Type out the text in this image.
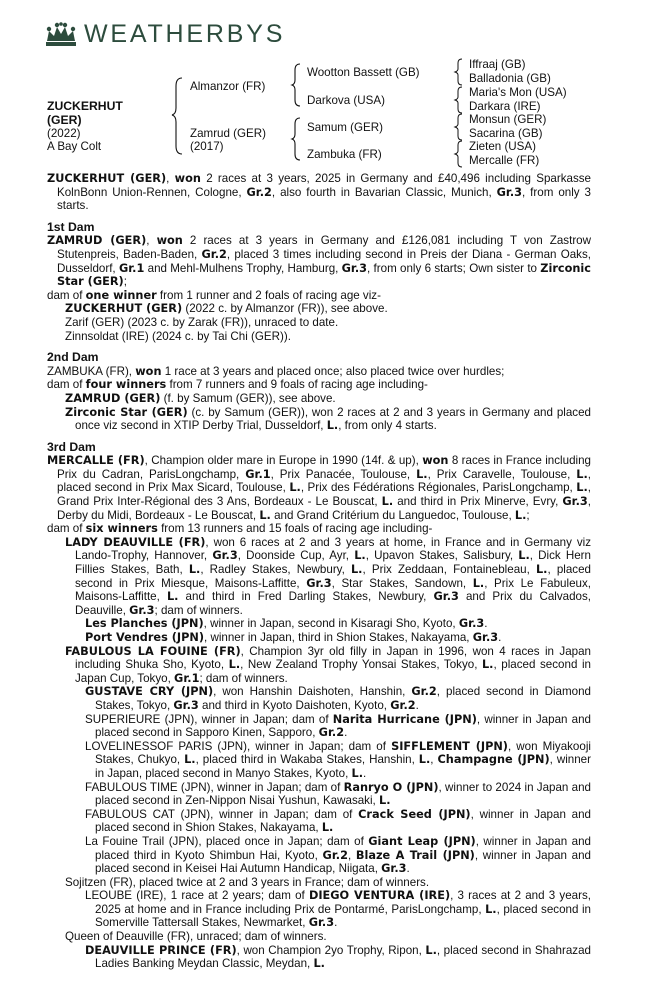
WEATHERBYS
ZUCKERHUT
(GER)
(2022)
A Bay Colt
Almanzor (FR)
Zamrud (GER)
(2017)
Wootton Bassett (GB)
Darkova (USA)
Samum (GER)
Zambuka (FR)
Iffraaj (GB)
Balladonia (GB)
Maria's Mon (USA)
Darkara (IRE)
Monsun (GER)
Sacarina (GB)
Zieten (USA)
Mercalle (FR)

ZUCKERHUT (GER), won 2 races at 3 years, 2025 in Germany and £40,496 including Sparkasse KolnBonn Union-Rennen, Cologne, Gr.2, also fourth in Bavarian Classic, Munich, Gr.3, from only 3 starts.

1st Dam

ZAMRUD (GER), won 2 races at 3 years in Germany and £126,081 including T von Zastrow Stutenpreis, Baden-Baden, Gr.2, placed 3 times including second in Preis der Diana - German Oaks, Dusseldorf, Gr.1 and Mehl-Mulhens Trophy, Hamburg, Gr.3, from only 6 starts; Own sister to Zirconic Star (GER);

dam of one winner from 1 runner and 2 foals of racing age viz-

ZUCKERHUT (GER) (2022 c. by Almanzor (FR)), see above.

Zarif (GER) (2023 c. by Zarak (FR)), unraced to date.

Zinnsoldat (IRE) (2024 c. by Tai Chi (GER)).

2nd Dam

ZAMBUKA (FR), won 1 race at 3 years and placed once; also placed twice over hurdles;

dam of four winners from 7 runners and 9 foals of racing age including-

ZAMRUD (GER) (f. by Samum (GER)), see above.

Zirconic Star (GER) (c. by Samum (GER)), won 2 races at 2 and 3 years in Germany and placed once viz second in XTIP Derby Trial, Dusseldorf, L., from only 4 starts.

3rd Dam

MERCALLE (FR), Champion older mare in Europe in 1990 (14f. & up), won 8 races in France including Prix du Cadran, ParisLongchamp, Gr.1, Prix Panacée, Toulouse, L., Prix Caravelle, Toulouse, L., placed second in Prix Max Sicard, Toulouse, L., Prix des Fédérations Régionales, ParisLongchamp, L., Grand Prix Inter-Régional des 3 Ans, Bordeaux - Le Bouscat, L. and third in Prix Minerve, Evry, Gr.3, Derby du Midi, Bordeaux - Le Bouscat, L. and Grand Critérium du Languedoc, Toulouse, L.;

dam of six winners from 13 runners and 15 foals of racing age including-

LADY DEAUVILLE (FR), won 6 races at 2 and 3 years at home, in France and in Germany viz Lando-Trophy, Hannover, Gr.3, Doonside Cup, Ayr, L., Upavon Stakes, Salisbury, L., Dick Hern Fillies Stakes, Bath, L., Radley Stakes, Newbury, L., Prix Zeddaan, Fontainebleau, L., placed second in Prix Miesque, Maisons-Laffitte, Gr.3, Star Stakes, Sandown, L., Prix Le Fabuleux, Maisons-Laffitte, L. and third in Fred Darling Stakes, Newbury, Gr.3 and Prix du Calvados, Deauville, Gr.3; dam of winners.

Les Planches (JPN), winner in Japan, second in Kisaragi Sho, Kyoto, Gr.3.

Port Vendres (JPN), winner in Japan, third in Shion Stakes, Nakayama, Gr.3.

FABULOUS LA FOUINE (FR), Champion 3yr old filly in Japan in 1996, won 4 races in Japan including Shuka Sho, Kyoto, L., New Zealand Trophy Yonsai Stakes, Tokyo, L., placed second in Japan Cup, Tokyo, Gr.1; dam of winners.

GUSTAVE CRY (JPN), won Hanshin Daishoten, Hanshin, Gr.2, placed second in Diamond Stakes, Tokyo, Gr.3 and third in Kyoto Daishoten, Kyoto, Gr.2.

SUPERIEURE (JPN), winner in Japan; dam of Narita Hurricane (JPN), winner in Japan and placed second in Sapporo Kinen, Sapporo, Gr.2.

LOVELINESSOF PARIS (JPN), winner in Japan; dam of SIFFLEMENT (JPN), won Miyakooji Stakes, Chukyo, L., placed third in Wakaba Stakes, Hanshin, L., Champagne (JPN), winner in Japan, placed second in Manyo Stakes, Kyoto, L..

FABULOUS TIME (JPN), winner in Japan; dam of Ranryo O (JPN), winner to 2024 in Japan and placed second in Zen-Nippon Nisai Yushun, Kawasaki, L.

FABULOUS CAT (JPN), winner in Japan; dam of Crack Seed (JPN), winner in Japan and placed second in Shion Stakes, Nakayama, L.

La Fouine Trail (JPN), placed once in Japan; dam of Giant Leap (JPN), winner in Japan and placed third in Kyoto Shimbun Hai, Kyoto, Gr.2, Blaze A Trail (JPN), winner in Japan and placed second in Keisei Hai Autumn Handicap, Niigata, Gr.3.

Sojitzen (FR), placed twice at 2 and 3 years in France; dam of winners.

LEOUBE (IRE), 1 race at 2 years; dam of DIEGO VENTURA (IRE), 3 races at 2 and 3 years, 2025 at home and in France including Prix de Pontarmé, ParisLongchamp, L., placed second in Somerville Tattersall Stakes, Newmarket, Gr.3.

Queen of Deauville (FR), unraced; dam of winners.

DEAUVILLE PRINCE (FR), won Champion 2yo Trophy, Ripon, L., placed second in Shahrazad Ladies Banking Meydan Classic, Meydan, L.
